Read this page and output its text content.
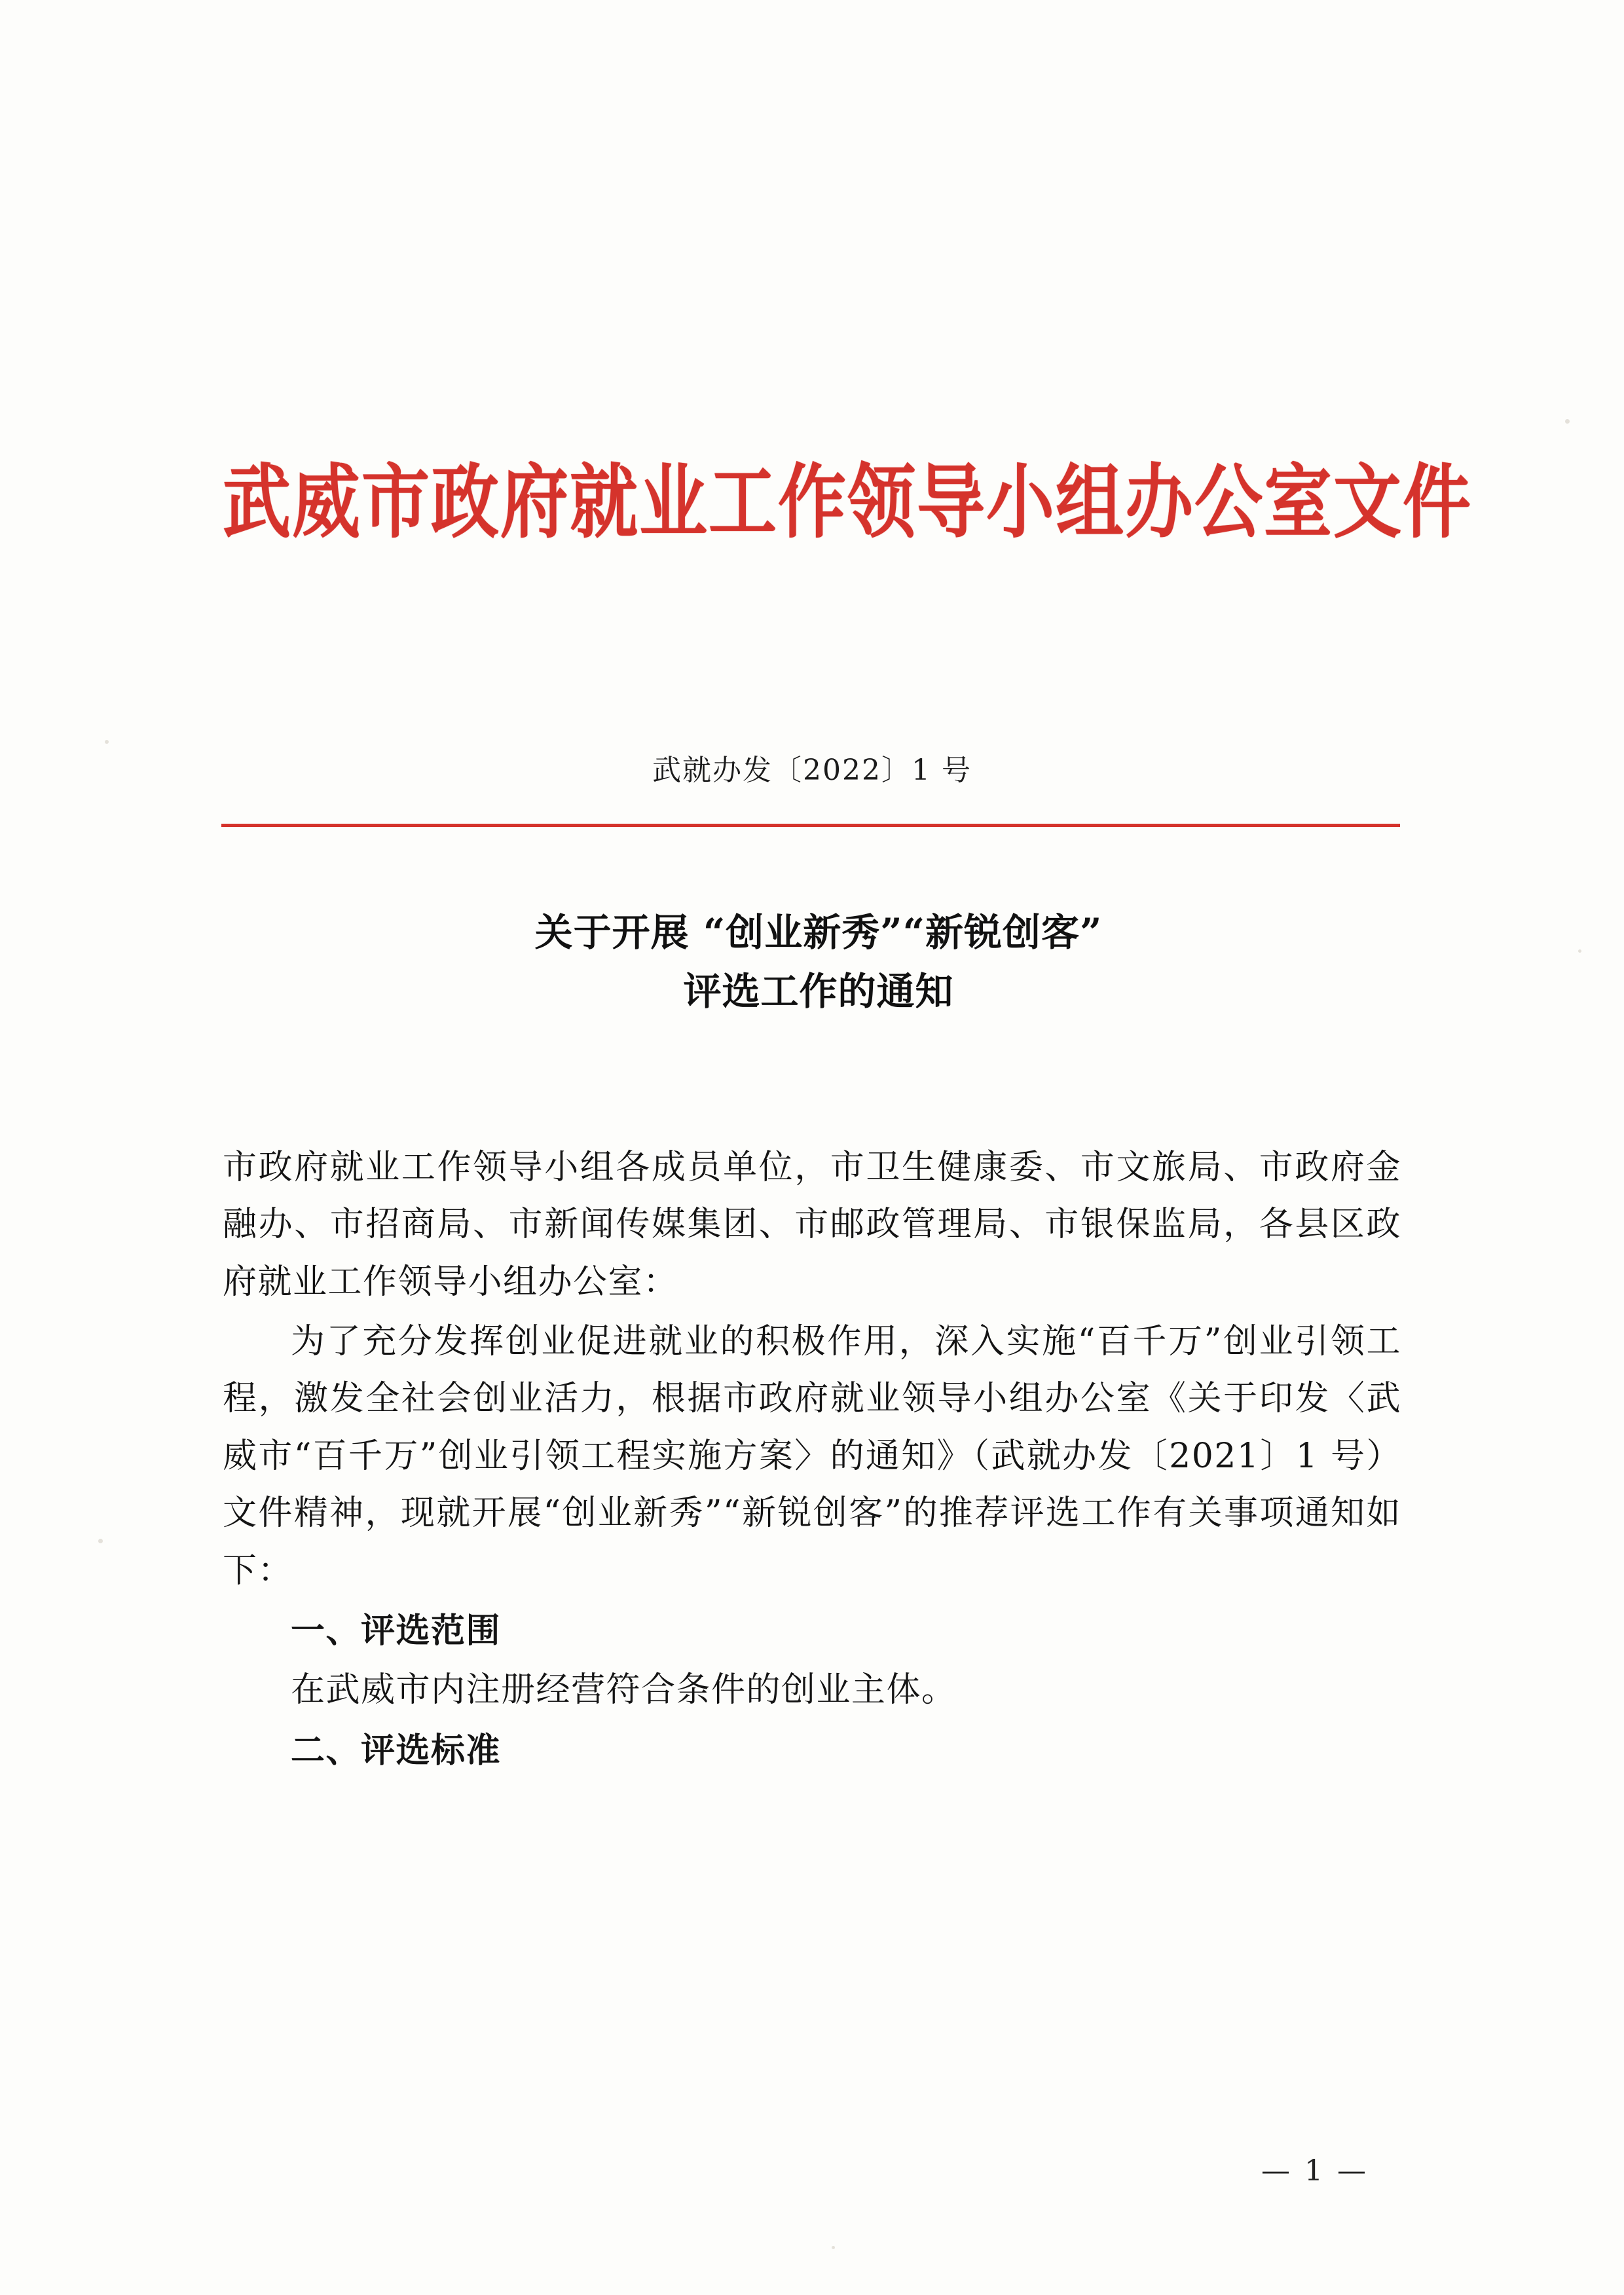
武威市政府就业工作领导小组办公室文件
武就办发〔2022〕1 号
关于开展 “创业新秀”“新锐创客”
评选工作的通知

市政府就业工作领导小组各成员单位，市卫生健康委、市文旅局、市政府金融办、市招商局、市新闻传媒集团、市邮政管理局、市银保监局，各县区政府就业工作领导小组办公室：

为了充分发挥创业促进就业的积极作用，深入实施“百千万”创业引领工程，激发全社会创业活力，根据市政府就业领导小组办公室《关于印发〈武威市“百千万”创业引领工程实施方案〉的通知》（武就办发〔2021〕1 号）文件精神，现就开展“创业新秀”“新锐创客”的推荐评选工作有关事项通知如下：

一、评选范围

在武威市内注册经营符合条件的创业主体。

二、评选标准

— 1 —
